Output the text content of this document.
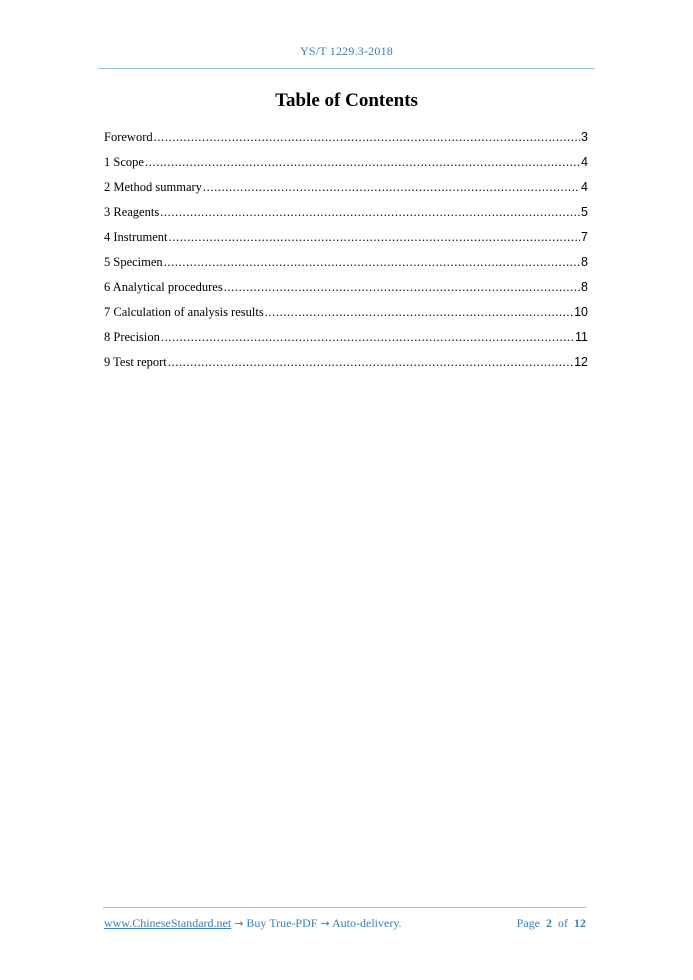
YS/T 1229.3-2018
Table of Contents
Foreword .....	3
1 Scope .....	4
2 Method summary .....	4
3 Reagents .....	5
4 Instrument .....	7
5 Specimen .....	8
6 Analytical procedures .....	8
7 Calculation of analysis results .....	10
8 Precision .....	11
9 Test report .....	12
www.ChineseStandard.net → Buy True-PDF → Auto-delivery.	Page 2 of 12
